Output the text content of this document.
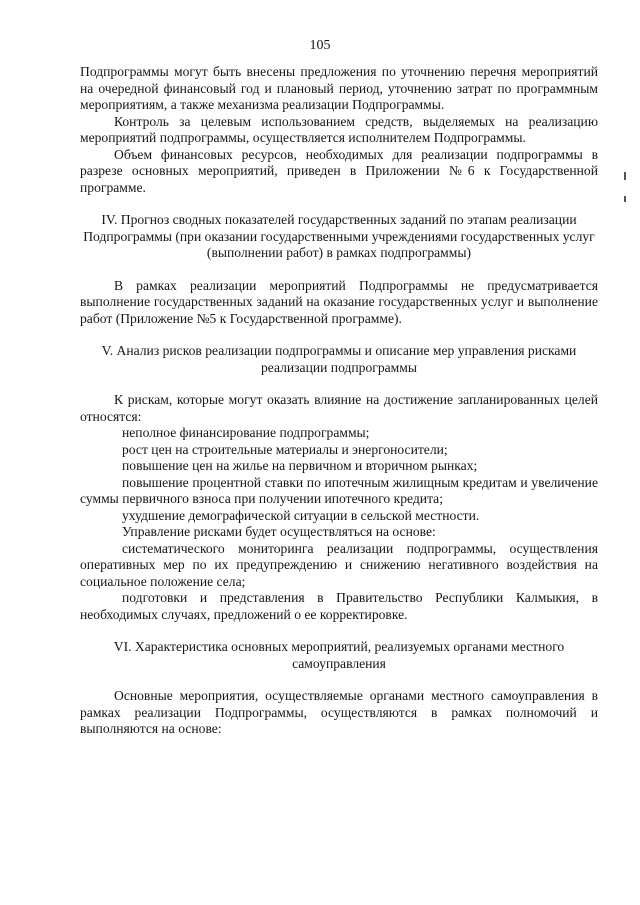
105

Подпрограммы могут быть внесены предложения по уточнению перечня мероприятий на очередной финансовый год и плановый период, уточнению затрат по программным мероприятиям, а также механизма реализации Подпрограммы.

Контроль за целевым использованием средств, выделяемых на реализацию мероприятий подпрограммы, осуществляется исполнителем Подпрограммы.

Объем финансовых ресурсов, необходимых для реализации подпрограммы в разрезе основных мероприятий, приведен в Приложении №6 к Государственной программе.

IV. Прогноз сводных показателей государственных заданий по этапам реализации Подпрограммы (при оказании государственными учреждениями государственных услуг (выполнении работ) в рамках подпрограммы)

В рамках реализации мероприятий Подпрограммы не предусматривается выполнение государственных заданий на оказание государственных услуг и выполнение работ (Приложение №5 к Государственной программе).

V. Анализ рисков реализации подпрограммы и описание мер управления рисками реализации подпрограммы

К рискам, которые могут оказать влияние на достижение запланированных целей относятся:

неполное финансирование подпрограммы;

рост цен на строительные материалы и энергоносители;

повышение цен на жилье на первичном и вторичном рынках;

повышение процентной ставки по ипотечным жилищным кредитам и увеличение суммы первичного взноса при получении ипотечного кредита;

ухудшение демографической ситуации в сельской местности.

Управление рисками будет осуществляться на основе:

систематического мониторинга реализации подпрограммы, осуществления оперативных мер по их предупреждению и снижению негативного воздействия на социальное положение села;

подготовки и представления в Правительство Республики Калмыкия, в необходимых случаях, предложений о ее корректировке.

VI. Характеристика основных мероприятий, реализуемых органами местного самоуправления

Основные мероприятия, осуществляемые органами местного самоуправления в рамках реализации Подпрограммы, осуществляются в рамках полномочий и выполняются на основе:
